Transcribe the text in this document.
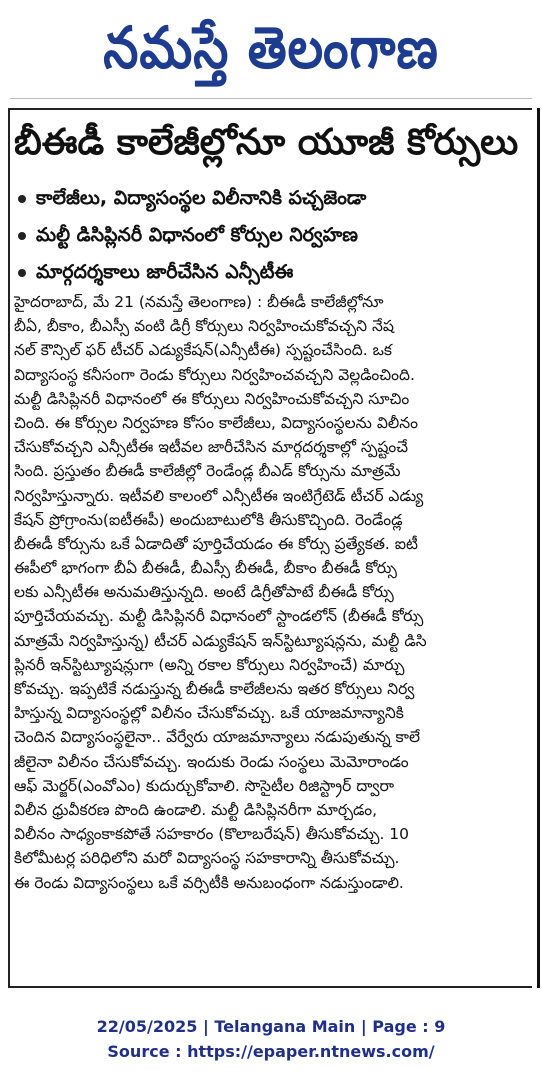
నమస్తే తెలంగాణ
బీఈడీ కాలేజీల్లోనూ యూజీ కోర్సులు
కాలేజీలు, విద్యాసంస్థల విలీనానికి పచ్చజెండా
మల్టీ డిసిప్లినరీ విధానంలో కోర్సుల నిర్వహణ
మార్గదర్శకాలు జారీచేసిన ఎన్సీటీఈ
హైదరాబాద్, మే 21 (నమస్తే తెలంగాణ) : బీఈడీ కాలేజీల్లోనూ
బీఏ, బీకాం, బీఎస్సీ వంటి డిగ్రీ కోర్సులు నిర్వహించుకోవచ్చని నేష
నల్ కౌన్సిల్ ఫర్ టీచర్ ఎడ్యుకేషన్(ఎన్సీటీఈ) స్పష్టంచేసింది. ఒక
విద్యాసంస్థ కనీసంగా రెండు కోర్సులు నిర్వహించవచ్చని వెల్లడించింది.
మల్టీ డిసిప్లినరీ విధానంలో ఈ కోర్సులు నిర్వహించుకోవచ్చని సూచిం
చింది. ఈ కోర్సుల నిర్వహణ కోసం కాలేజీలు, విద్యాసంస్థలను విలీనం
చేసుకోవచ్చని ఎన్సీటీఈ ఇటీవల జారీచేసిన మార్గదర్శకాల్లో స్పష్టంచే
సింది. ప్రస్తుతం బీఈడీ కాలేజీల్లో రెండేండ్ల బీఎడ్ కోర్సును మాత్రమే
నిర్వహిస్తున్నారు. ఇటీవలి కాలంలో ఎన్సీటీఈ ఇంటిగ్రేటెడ్ టీచర్ ఎడ్యు
కేషన్ ప్రోగ్రాంను(ఐటీఈపీ) అందుబాటులోకి తీసుకొచ్చింది. రెండేండ్ల
బీఈడీ కోర్సును ఒకే ఏడాదితో పూర్తిచేయడం ఈ కోర్సు ప్రత్యేకత. ఐటీ
ఈపీలో భాగంగా బీఏ బీఈడీ, బీఎస్సీ బీఈడీ, బీకాం బీఈడీ కోర్సు
లకు ఎన్సీటీఈ అనుమతిస్తున్నది. అంటే డిగ్రీతోపాటే బీఈడీ కోర్సు
పూర్తిచేయవచ్చు. మల్టీ డిసిప్లినరీ విధానంలో స్టాండలోన్ (బీఈడీ కోర్సు
మాత్రమే నిర్వహిస్తున్న) టీచర్ ఎడ్యుకేషన్ ఇన్‌స్టిట్యూషన్లను, మల్టీ డిసి
ప్లినరీ ఇన్‌స్టిట్యూషన్లుగా (అన్ని రకాల కోర్సులు నిర్వహించే) మార్చు
కోవచ్చు. ఇప్పటికే నడుస్తున్న బీఈడీ కాలేజీలను ఇతర కోర్సులు నిర్వ
హిస్తున్న విద్యాసంస్థల్లో విలీనం చేసుకోవచ్చు. ఒకే యాజమాన్యానికి
చెందిన విద్యాసంస్థలైనా.. వేర్వేరు యాజమాన్యాలు నడుపుతున్న కాలే
జీలైనా విలీనం చేసుకోవచ్చు. ఇందుకు రెండు సంస్థలు మెమోరాండం
ఆఫ్ మెర్జర్(ఎంవోఎం) కుదుర్చుకోవాలి. సొసైటీల రిజిస్ట్రార్ ద్వారా
విలీన ధ్రువీకరణ పొంది ఉండాలి. మల్టీ డిసిప్లినరీగా మార్చడం,
విలీనం సాధ్యంకాకపోతే సహకారం (కొలాబరేషన్) తీసుకోవచ్చు. 10
కిలోమీటర్ల పరిధిలోని మరో విద్యాసంస్థ సహకారాన్ని తీసుకోవచ్చు.
ఈ రెండు విద్యాసంస్థలు ఒకే వర్సిటీకి అనుబంధంగా నడుస్తుండాలి.
22/05/2025 | Telangana Main | Page : 9
Source : https://epaper.ntnews.com/
